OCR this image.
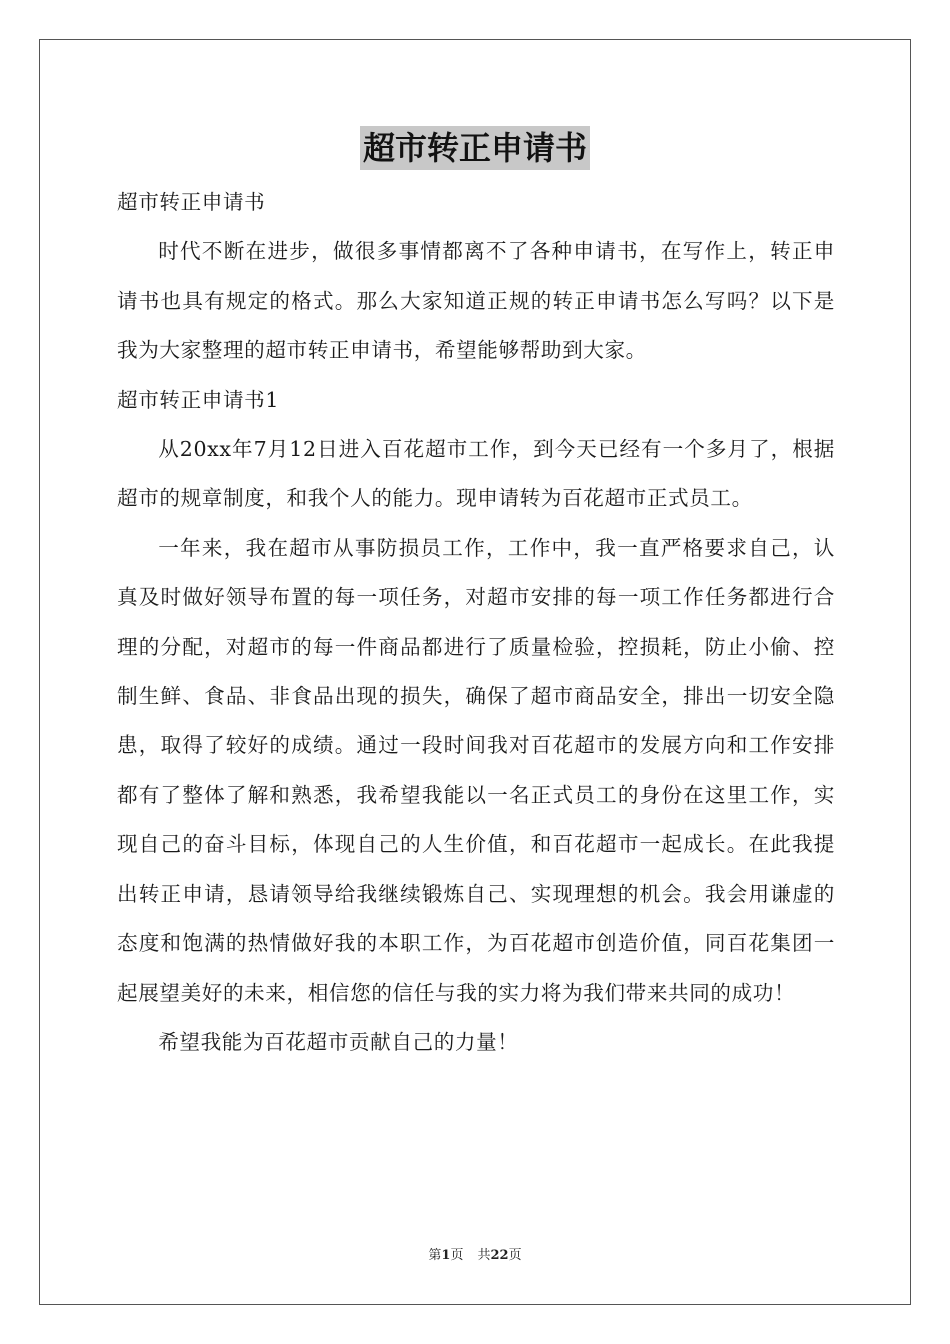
超市转正申请书

超市转正申请书

时代不断在进步，做很多事情都离不了各种申请书，在写作上，转正申请书也具有规定的格式。那么大家知道正规的转正申请书怎么写吗？以下是我为大家整理的超市转正申请书，希望能够帮助到大家。

超市转正申请书1

从20xx年7月12日进入百花超市工作，到今天已经有一个多月了，根据超市的规章制度，和我个人的能力。现申请转为百花超市正式员工。

一年来，我在超市从事防损员工作，工作中，我一直严格要求自己，认真及时做好领导布置的每一项任务，对超市安排的每一项工作任务都进行合理的分配，对超市的每一件商品都进行了质量检验，控损耗，防止小偷、控制生鲜、食品、非食品出现的损失，确保了超市商品安全，排出一切安全隐患，取得了较好的成绩。通过一段时间我对百花超市的发展方向和工作安排都有了整体了解和熟悉，我希望我能以一名正式员工的身份在这里工作，实现自己的奋斗目标，体现自己的人生价值，和百花超市一起成长。在此我提出转正申请，恳请领导给我继续锻炼自己、实现理想的机会。我会用谦虚的态度和饱满的热情做好我的本职工作，为百花超市创造价值，同百花集团一起展望美好的未来，相信您的信任与我的实力将为我们带来共同的成功！

希望我能为百花超市贡献自己的力量！

第1页 共22页
